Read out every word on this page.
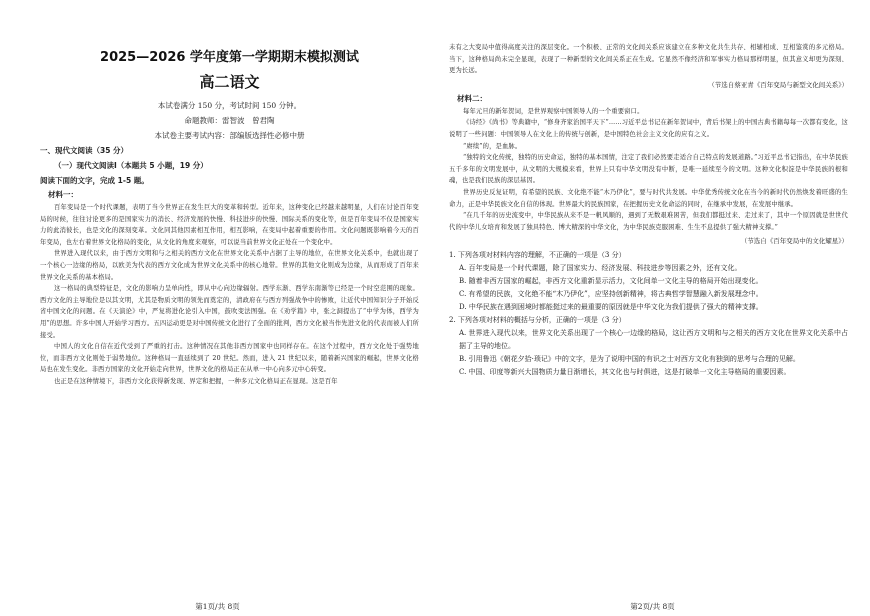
2025—2026 学年度第一学期期末模拟测试
高二语文
本试卷满分 150 分，考试时间 150 分钟。
命题教师：雷智波　曾君陶
本试卷主要考试内容：部编版选择性必修中册
一、现代文阅读（35 分）
（一）现代文阅读Ⅰ（本题共 5 小题，19 分）
阅读下面的文字，完成 1-5 题。
材料一：

百年变局是一个时代课题，表明了当今世界正在发生巨大的变革和转型。近年来，这种变化已经越来越明显，人们在讨论百年变局的时候，往往讨论更多的是国家实力的消长、经济发展的快慢、科技进步的快慢、国际关系的变化等，但是百年变局不仅是国家实力的此消彼长，也是文化的深刻变革。文化同其他因素相互作用，相互影响，在变局中起着重要的作用。文化问题既影响着今天的百年变局，也左右着世界文化格局的变化，从文化的角度来观察，可以说当前世界文化正处在一个变化中。

世界进入现代以来，由于西方文明和与之相关的西方文化在世界文化关系中占据了主导的地位，在世界文化关系中，也就出现了一个核心一边缘的格局，以欧美为代表的西方文化成为世界文化关系中的核心地带。世界的其他文化则成为边缘，从而形成了百年来世界文化关系的基本格局。

这一格局的典型特征是，文化的影响力呈单向性，即从中心向边缘辐射。西学东渐、西学东南渐等已经是一个时空范围的现象。西方文化的主导地位是以其文明，尤其是物质文明的领先而奠定的，清政府在与西方列强战争中的惨败，让近代中国知识分子开始反省中国文化的问题。在《天演论》中，严复将进化论引入中国，鼓吹变法图强。在《劝学篇》中，张之洞提出了“中学为体，西学为用”的思想。许多中国人开始学习西方。五四运动更是对中国传统文化进行了全面的批判，西方文化被当作先进文化的代表而被人们所接受。

中国人的文化自信在近代受到了严重的打击。这种情况在其他非西方国家中也同样存在。在这个过程中，西方文化处于强势地位，而非西方文化则处于弱势地位。这种格局一直延续到了 20 世纪。然而，进入 21 世纪以来，随着新兴国家的崛起，世界文化格局也在发生变化。非西方国家的文化开始走向世界，世界文化的格局正在从单一中心向多元中心转变。

也正是在这种情境下，非西方文化获得新发现、界定和把握，一种多元文化格局正在显现。这是百年

第1页/共 8页

未有之大变局中值得高度关注的深层变化。一个积极、正常的文化间关系应该建立在多种文化共生共存、相辅相成、互相鉴赏的多元格局。当下，这种格局尚未完全显现，表现了一种新型的文化间关系正在生成。它显然不像经济和军事实力格局那样明显，但其意义却更为深刻、更为长远。

（节选自蔡亚青《百年变局与新型文化间关系》）
材料二：

每年元旦的新年贺词，是世界观察中国领导人的一个重要窗口。

《诗经》《尚书》等典籍中，“修身齐家治国平天下”……习近平总书记在新年贺词中，背后书架上的中国古典书籍每每一次都有变化，这说明了一些问题：中国领导人在文化上的传统与创新，是中国特色社会主义文化的应有之义。

“赓续”的，是血脉。

“独特的文化传统，独特的历史命运，独特的基本国情，注定了我们必然要走适合自己特点的发展道路。”习近平总书记指出，在中华民族五千多年的文明发展中，从文明的大规模来看，世界上只有中华文明没有中断，是唯一延续至今的文明。这种文化积淀是中华民族的根和魂，也是我们民族的深层基因。

世界历史反复证明，有希望的民族、文化绝不能“木乃伊化”，要与时代共发展。中华优秀传统文化在当今的新时代仍然焕发着旺盛的生命力，正是中华民族文化自信的体现。世界最大的民族国家，在把握历史文化命运的同时，在继承中发展，在发展中继承。

“在几千年的历史流变中，中华民族从来不是一帆风顺的，遇到了无数艰难困苦，但我们都挺过来、走过来了，其中一个原因就是世世代代的中华儿女培育和发展了独具特色、博大精深的中华文化，为中华民族克服困难、生生不息提供了强大精神支撑。”

（节选自《百年变局中的文化耀星》）

1. 下列各项对材料内容的理解，不正确的一项是（3 分）

A. 百年变局是一个时代课题，除了国家实力、经济发展、科技进步等因素之外，还有文化。

B. 随着非西方国家的崛起，非西方文化重新显示活力，文化间单一文化主导的格局开始出现变化。

C. 有希望的民族，文化绝不能“木乃伊化”，应坚持创新精神，将古典哲学智慧融入新发展理念中。

D. 中华民族在遇到困境时都能挺过来的最重要的原因就是中华文化为我们提供了强大的精神支撑。

2. 下列各项对材料的概括与分析，正确的一项是（3 分）

A. 世界进入现代以来，世界文化关系出现了一个核心一边缘的格局，这让西方文明和与之相关的西方文化在世界文化关系中占据了主导的地位。

B. 引用鲁迅《朝花夕拾·琐记》中的文字，是为了说明中国的有识之士对西方文化有独到的思考与合理的见解。

C. 中国、印度等新兴大国物质力量日渐增长，其文化也与时俱进，这是打破单一文化主导格局的重要因素。

第2页/共 8页
